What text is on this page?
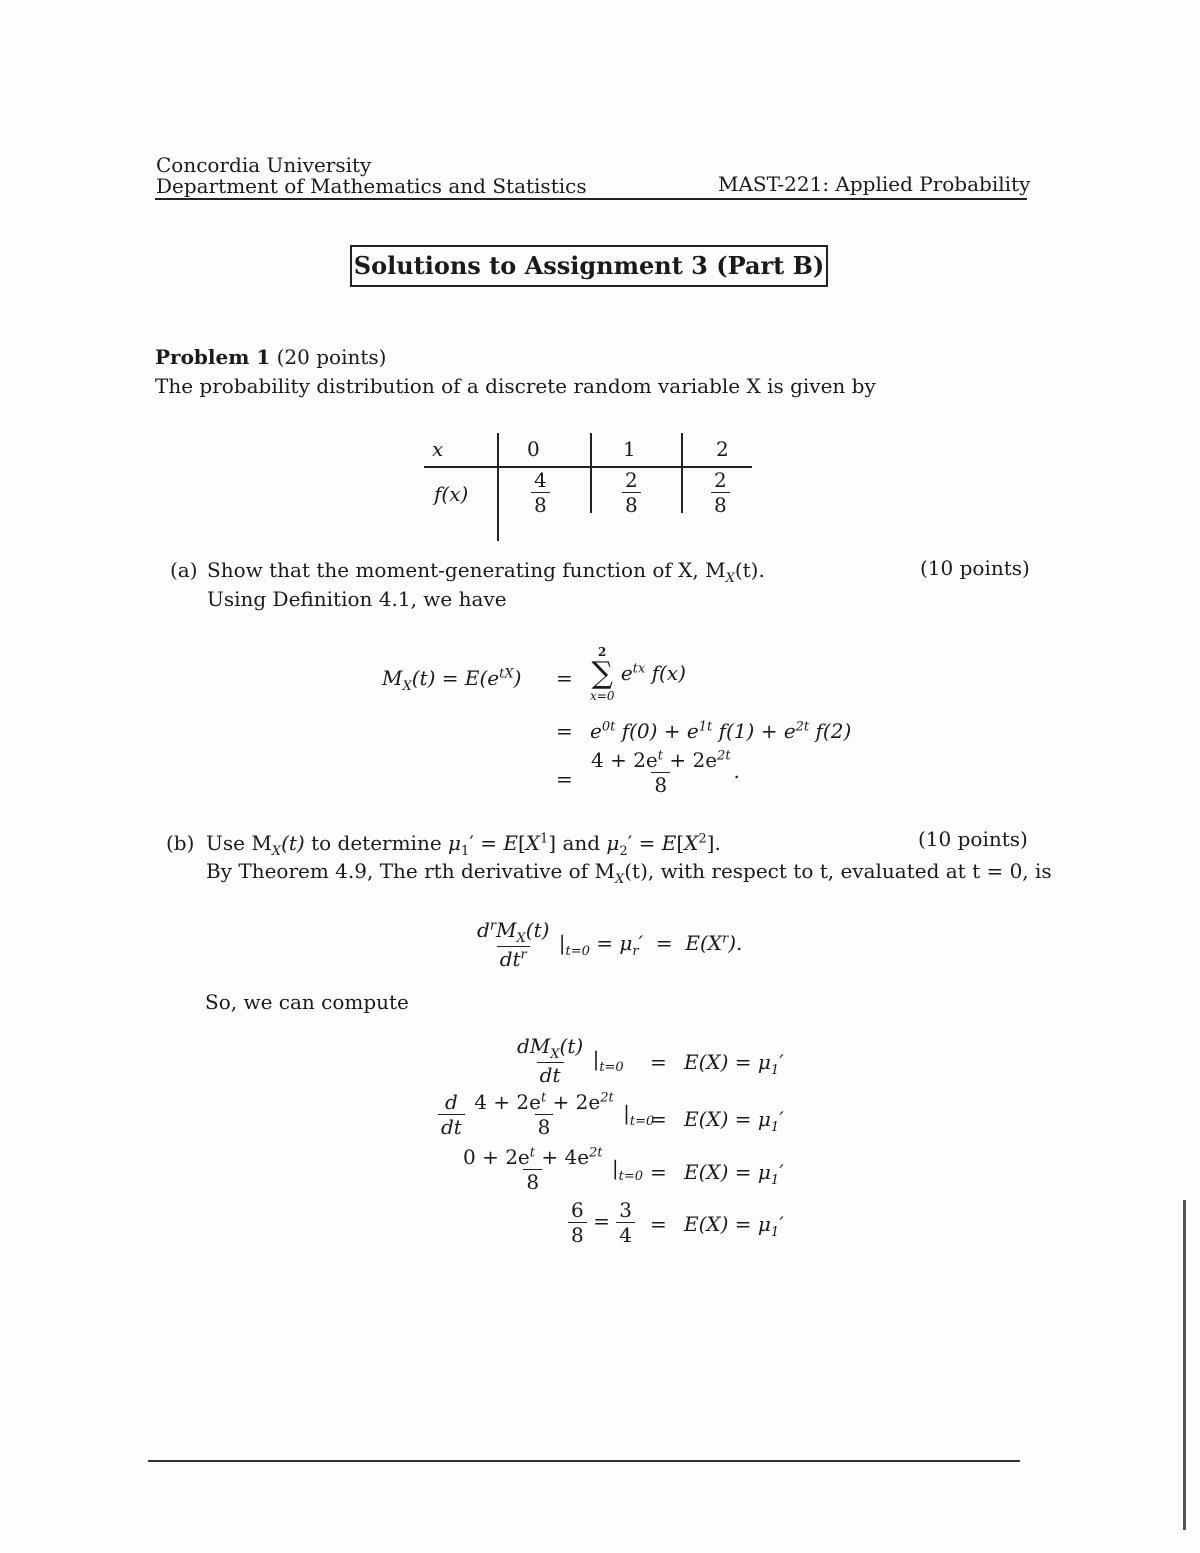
Concordia University
Department of Mathematics and Statistics	MAST-221: Applied Probability
Solutions to Assignment 3 (Part B)
Problem 1 (20 points)
The probability distribution of a discrete random variable X is given by
x	0	1	2
f(x)	$\frac{4}{8}$	$\frac{2}{8}$	$\frac{2}{8}$
(a) Show that the moment-generating function of X, $M_X(t)$.	(10 points)
Using Definition 4.1, we have
$M_X(t) = E(e^{tX})$ =
2
∑
x=0
$e^{tx}$ f(x)
= $e^{0t}$ $f(0) + e^{1t}$ $f(1) + e^{2t}$ f(2)
= $\frac{4 + 2e^t + 2e^{2t}}{8}$ .
(b) Use $M_X(t)$ to determine $\mu_1' = E[X^1]$ and $\mu_2' = E[X^2]$.	(10 points)
By Theorem 4.9, The rth derivative of $M_X(t)$, with respect to t, evaluated at t = 0, is
$\frac{d^rM_X(t)}{dt^r} |_{t=0} = \mu_r' = E(X^r)$.
So, we can compute
$\frac{dM_X(t)}{dt} |_{t=0} = E(X) = \mu_1'$
$\frac{d}{dt}$
$\frac{4 + 2e^t + 2e^{2t}}{8} |_{t=0}$
= $E(X) = \mu_1'$
$\frac{0 + 2e^t + 4e^{2t}}{8} |_{t=0} = E(X) = \mu_1'$
$\frac{6}{8} = \frac{3}{4} = E(X) = \mu_1'$
